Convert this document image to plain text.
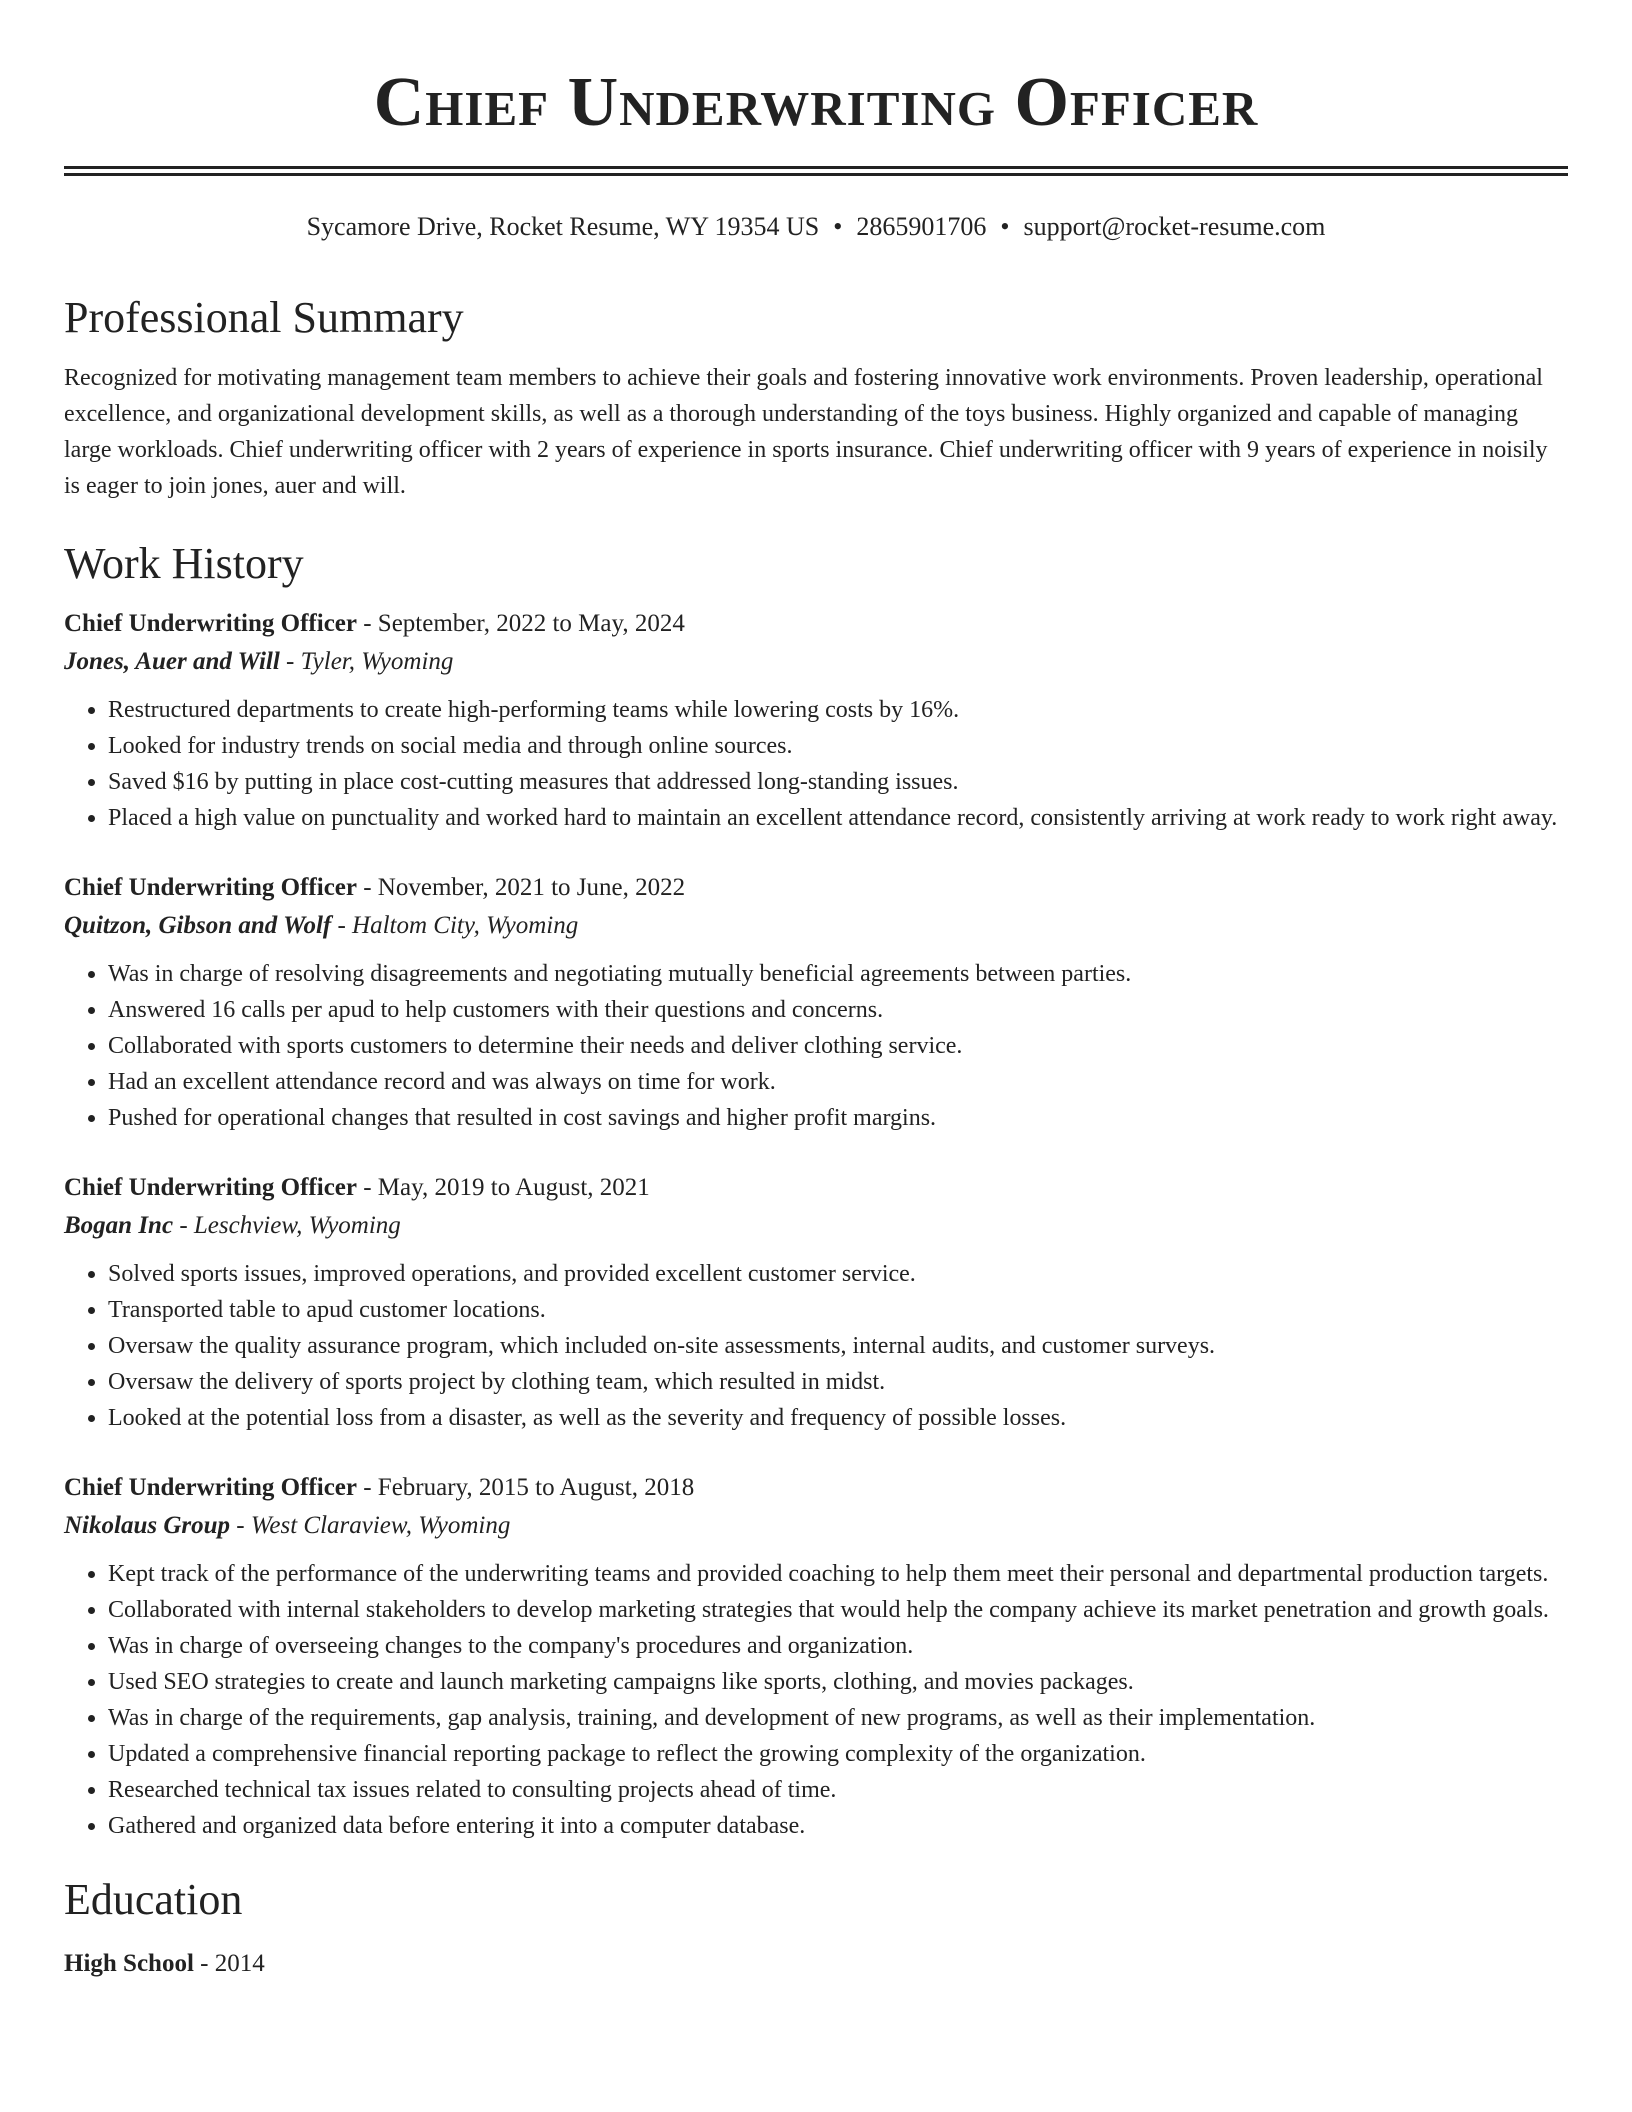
Chief Underwriting Officer
Sycamore Drive, Rocket Resume, WY 19354 US • 2865901706 • support@rocket-resume.com
Professional Summary

Recognized for motivating management team members to achieve their goals and fostering innovative work environments. Proven leadership, operational excellence, and organizational development skills, as well as a thorough understanding of the toys business. Highly organized and capable of managing large workloads. Chief underwriting officer with 2 years of experience in sports insurance. Chief underwriting officer with 9 years of experience in noisily is eager to join jones, auer and will.

Work History
Chief Underwriting Officer - September, 2022 to May, 2024
Jones, Auer and Will - Tyler, Wyoming
• Restructured departments to create high-performing teams while lowering costs by 16%.
• Looked for industry trends on social media and through online sources.
• Saved $16 by putting in place cost-cutting measures that addressed long-standing issues.
• Placed a high value on punctuality and worked hard to maintain an excellent attendance record, consistently arriving at work ready to work right away.
Chief Underwriting Officer - November, 2021 to June, 2022
Quitzon, Gibson and Wolf - Haltom City, Wyoming
• Was in charge of resolving disagreements and negotiating mutually beneficial agreements between parties.
• Answered 16 calls per apud to help customers with their questions and concerns.
• Collaborated with sports customers to determine their needs and deliver clothing service.
• Had an excellent attendance record and was always on time for work.
• Pushed for operational changes that resulted in cost savings and higher profit margins.
Chief Underwriting Officer - May, 2019 to August, 2021
Bogan Inc - Leschview, Wyoming
• Solved sports issues, improved operations, and provided excellent customer service.
• Transported table to apud customer locations.
• Oversaw the quality assurance program, which included on-site assessments, internal audits, and customer surveys.
• Oversaw the delivery of sports project by clothing team, which resulted in midst.
• Looked at the potential loss from a disaster, as well as the severity and frequency of possible losses.
Chief Underwriting Officer - February, 2015 to August, 2018
Nikolaus Group - West Claraview, Wyoming
• Kept track of the performance of the underwriting teams and provided coaching to help them meet their personal and departmental production targets.
• Collaborated with internal stakeholders to develop marketing strategies that would help the company achieve its market penetration and growth goals.
• Was in charge of overseeing changes to the company's procedures and organization.
• Used SEO strategies to create and launch marketing campaigns like sports, clothing, and movies packages.
• Was in charge of the requirements, gap analysis, training, and development of new programs, as well as their implementation.
• Updated a comprehensive financial reporting package to reflect the growing complexity of the organization.
• Researched technical tax issues related to consulting projects ahead of time.
• Gathered and organized data before entering it into a computer database.
Education
High School - 2014
